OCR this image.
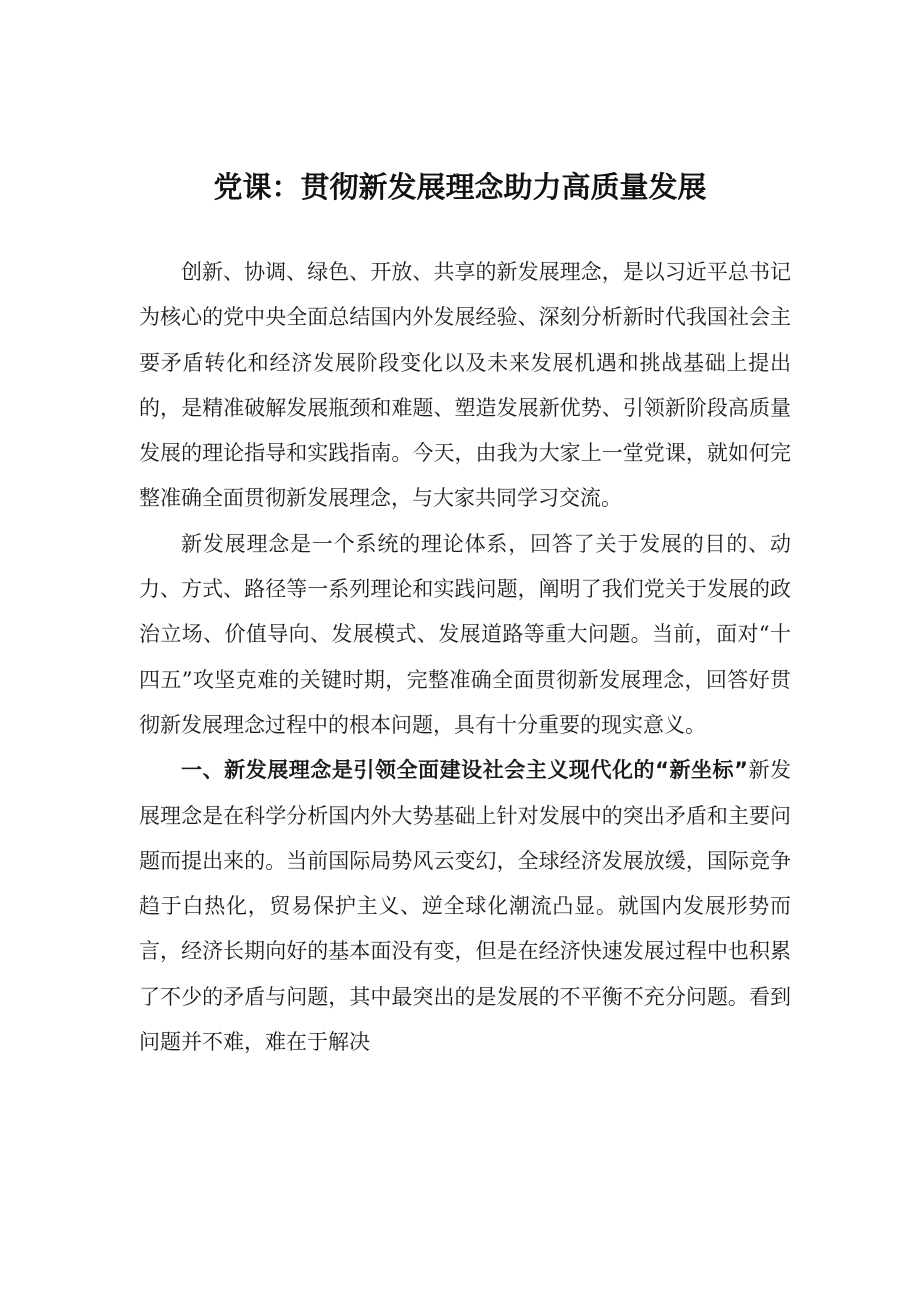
党课：贯彻新发展理念助力高质量发展

创新、协调、绿色、开放、共享的新发展理念，是以习近平总书记为核心的党中央全面总结国内外发展经验、深刻分析新时代我国社会主要矛盾转化和经济发展阶段变化以及未来发展机遇和挑战基础上提出的，是精准破解发展瓶颈和难题、塑造发展新优势、引领新阶段高质量发展的理论指导和实践指南。今天，由我为大家上一堂党课，就如何完整准确全面贯彻新发展理念，与大家共同学习交流。

新发展理念是一个系统的理论体系，回答了关于发展的目的、动力、方式、路径等一系列理论和实践问题，阐明了我们党关于发展的政治立场、价值导向、发展模式、发展道路等重大问题。当前，面对“十四五”攻坚克难的关键时期，完整准确全面贯彻新发展理念，回答好贯彻新发展理念过程中的根本问题，具有十分重要的现实意义。

一、新发展理念是引领全面建设社会主义现代化的“新坐标”新发展理念是在科学分析国内外大势基础上针对发展中的突出矛盾和主要问题而提出来的。当前国际局势风云变幻，全球经济发展放缓，国际竞争趋于白热化，贸易保护主义、逆全球化潮流凸显。就国内发展形势而言，经济长期向好的基本面没有变，但是在经济快速发展过程中也积累了不少的矛盾与问题，其中最突出的是发展的不平衡不充分问题。看到问题并不难，难在于解决
